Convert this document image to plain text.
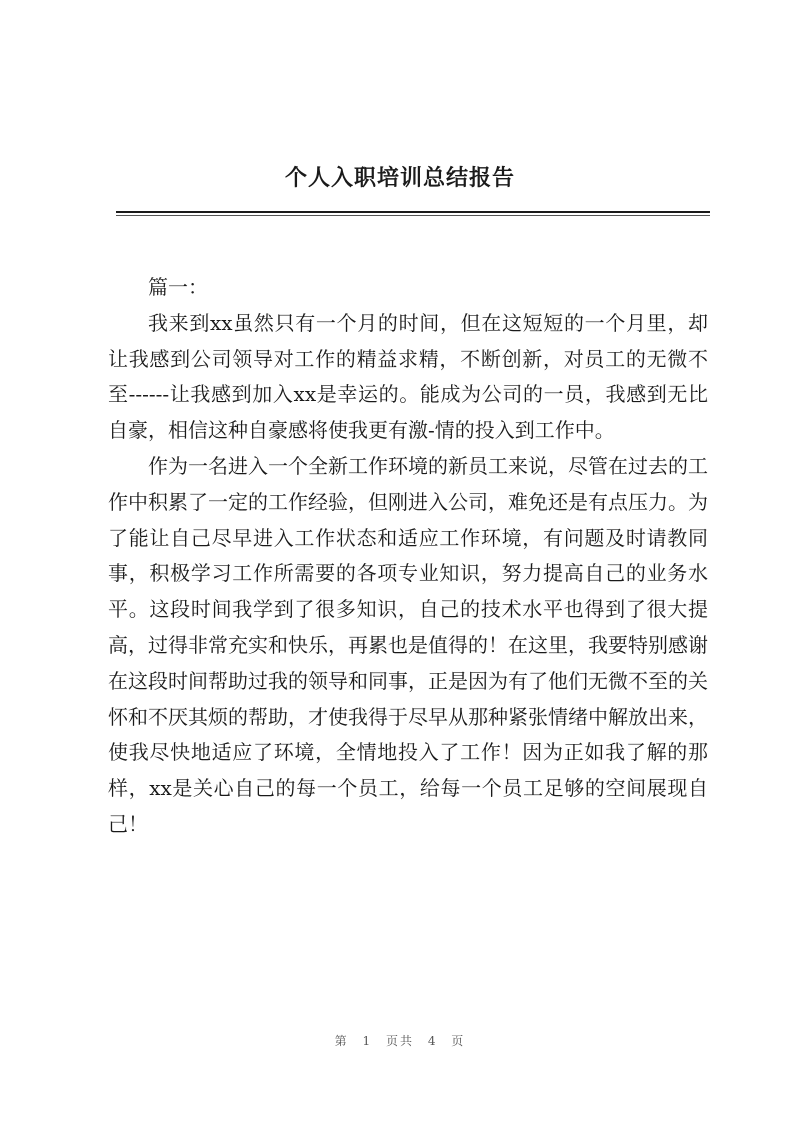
个人入职培训总结报告

篇一：

我来到xx虽然只有一个月的时间，但在这短短的一个月里，却让我感到公司领导对工作的精益求精，不断创新，对员工的无微不至------让我感到加入xx是幸运的。能成为公司的一员，我感到无比自豪，相信这种自豪感将使我更有激-情的投入到工作中。

作为一名进入一个全新工作环境的新员工来说，尽管在过去的工作中积累了一定的工作经验，但刚进入公司，难免还是有点压力。为了能让自己尽早进入工作状态和适应工作环境，有问题及时请教同事，积极学习工作所需要的各项专业知识，努力提高自己的业务水平。这段时间我学到了很多知识，自己的技术水平也得到了很大提高，过得非常充实和快乐，再累也是值得的！在这里，我要特别感谢在这段时间帮助过我的领导和同事，正是因为有了他们无微不至的关怀和不厌其烦的帮助，才使我得于尽早从那种紧张情绪中解放出来，使我尽快地适应了环境，全情地投入了工作！因为正如我了解的那样，xx是关心自己的每一个员工，给每一个员工足够的空间展现自己！

第 1 页共 4 页
